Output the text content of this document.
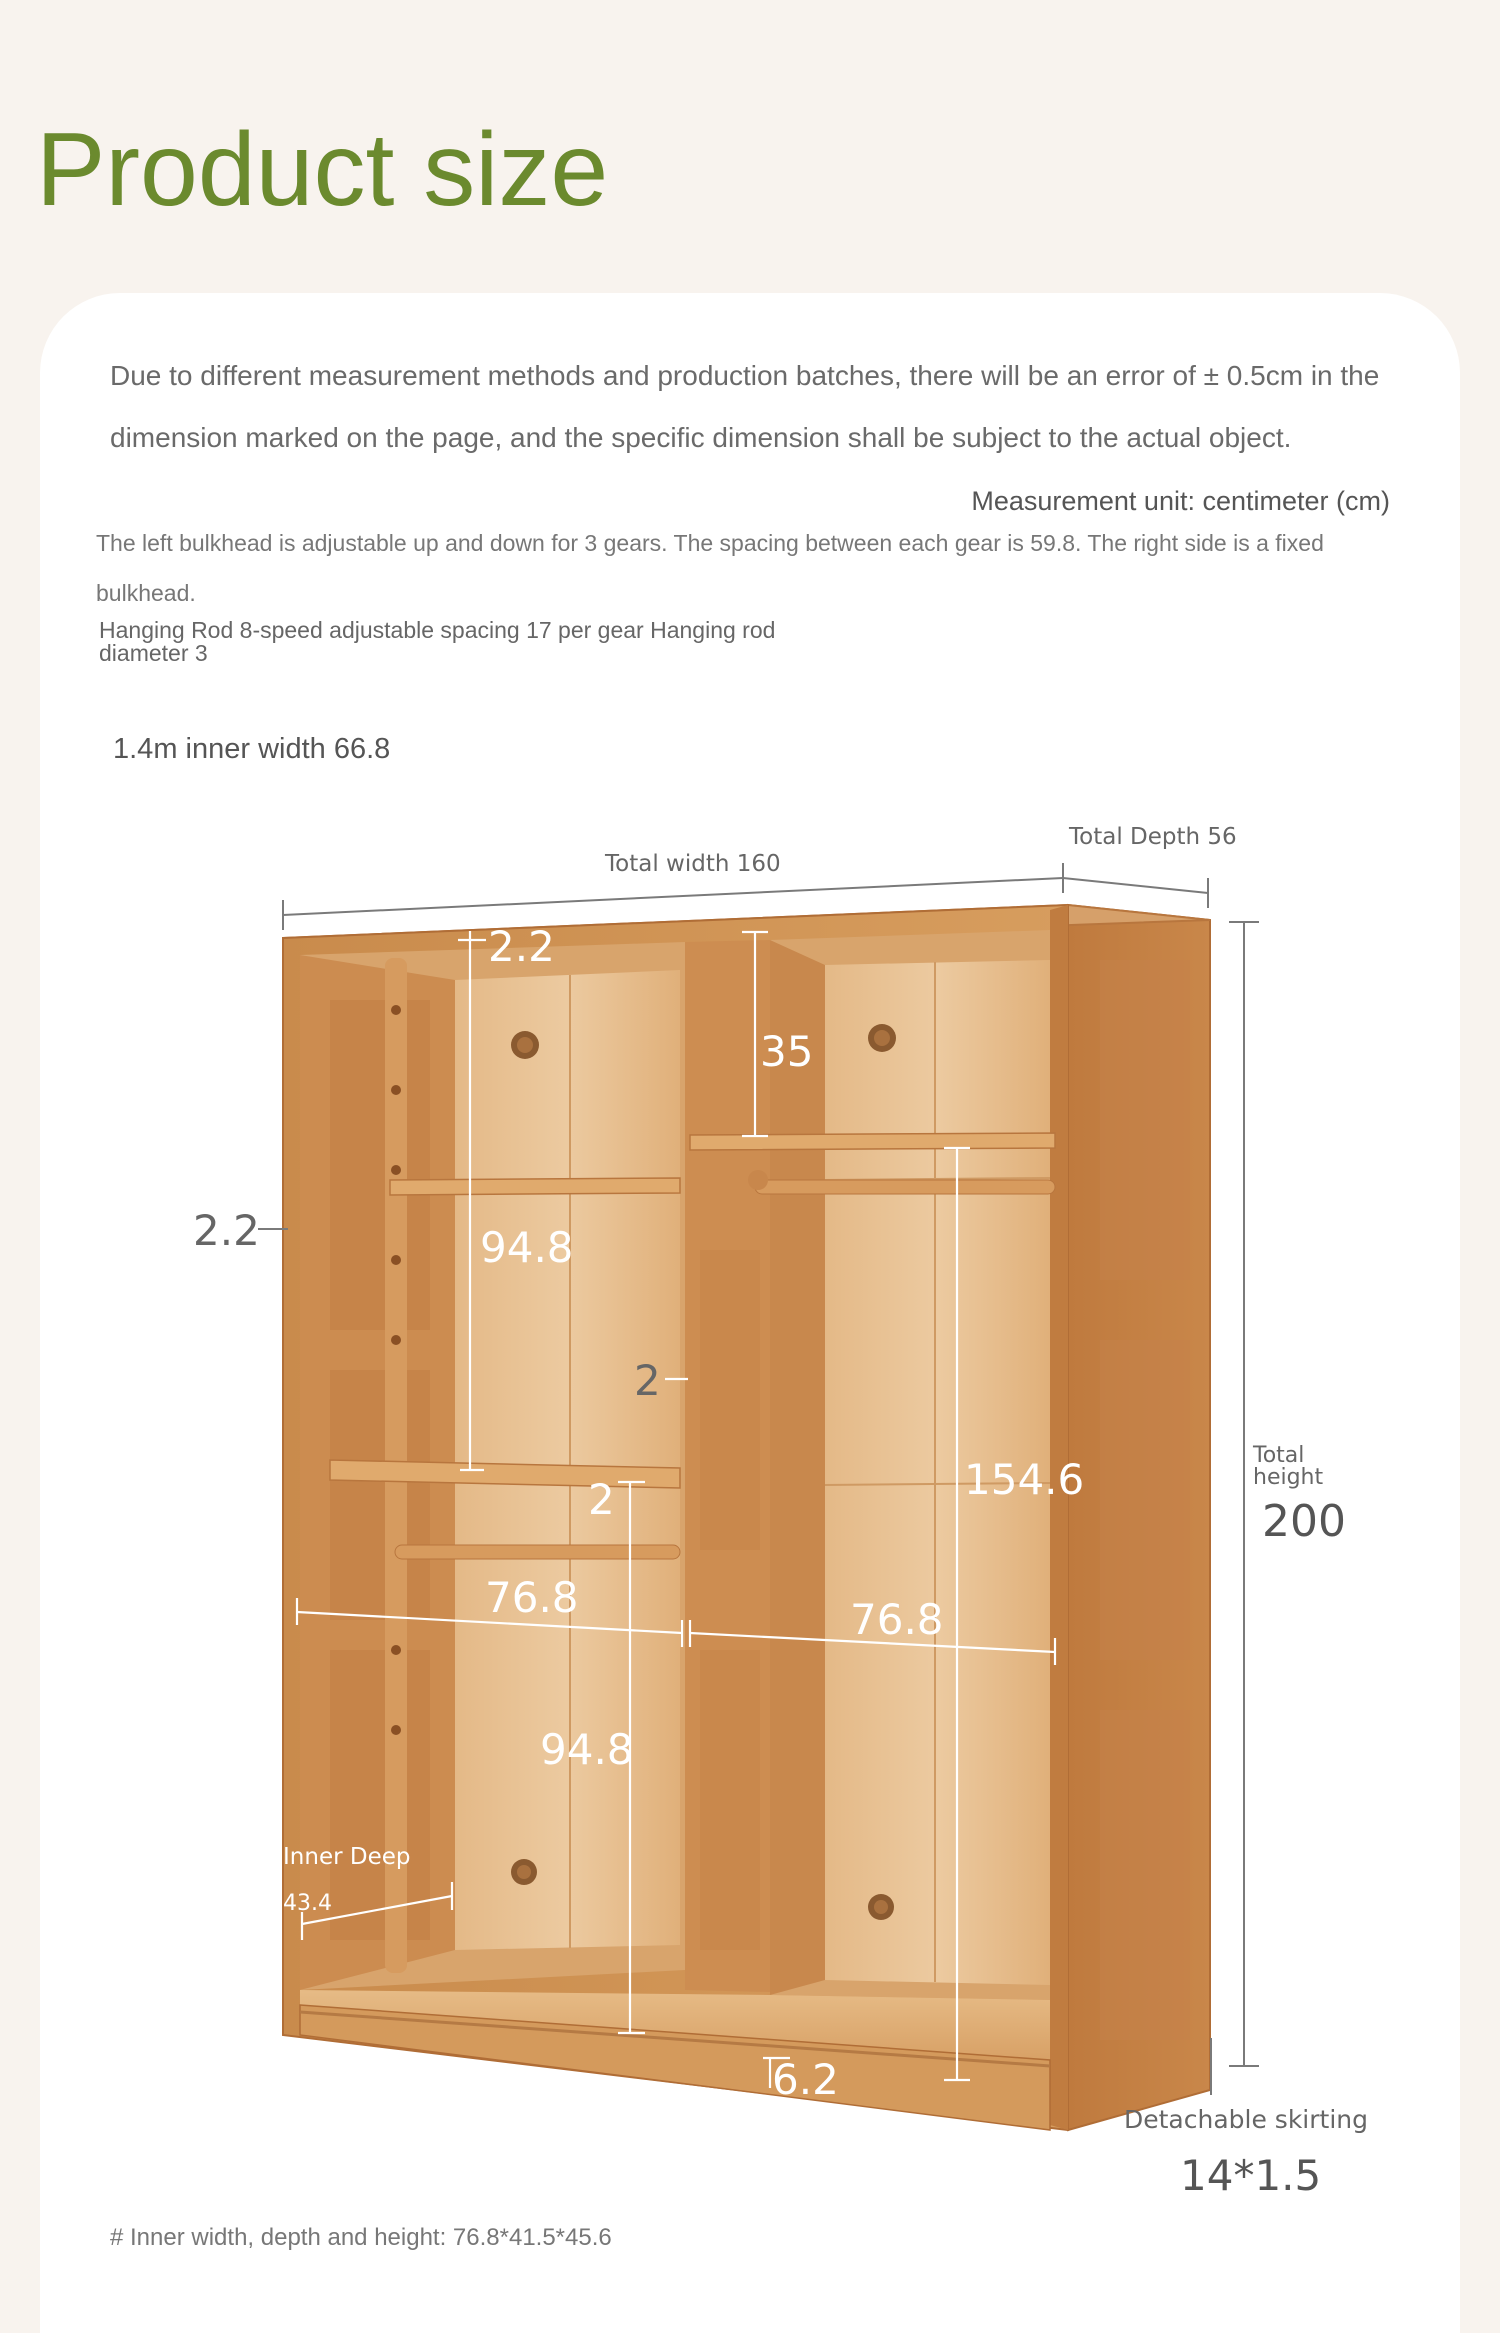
Product size
Due to different measurement methods and production batches, there will be an error of ± 0.5cm in the dimension marked on the page, and the specific dimension shall be subject to the actual object.
Measurement unit: centimeter (cm)
The left bulkhead is adjustable up and down for 3 gears. The spacing between each gear is 59.8. The right side is a fixed bulkhead.
Hanging Rod 8-speed adjustable spacing 17 per gear Hanging rod diameter 3
1.4m inner width 66.8
Total width 160
Total Depth 56
Total
height
200
2.2
2.2
35
94.8
2
2	154.6
76.8	76.8
94.8
Inner Deep
43.4
6.2
Detachable skirting
14*1.5
# Inner width, depth and height: 76.8*41.5*45.6
